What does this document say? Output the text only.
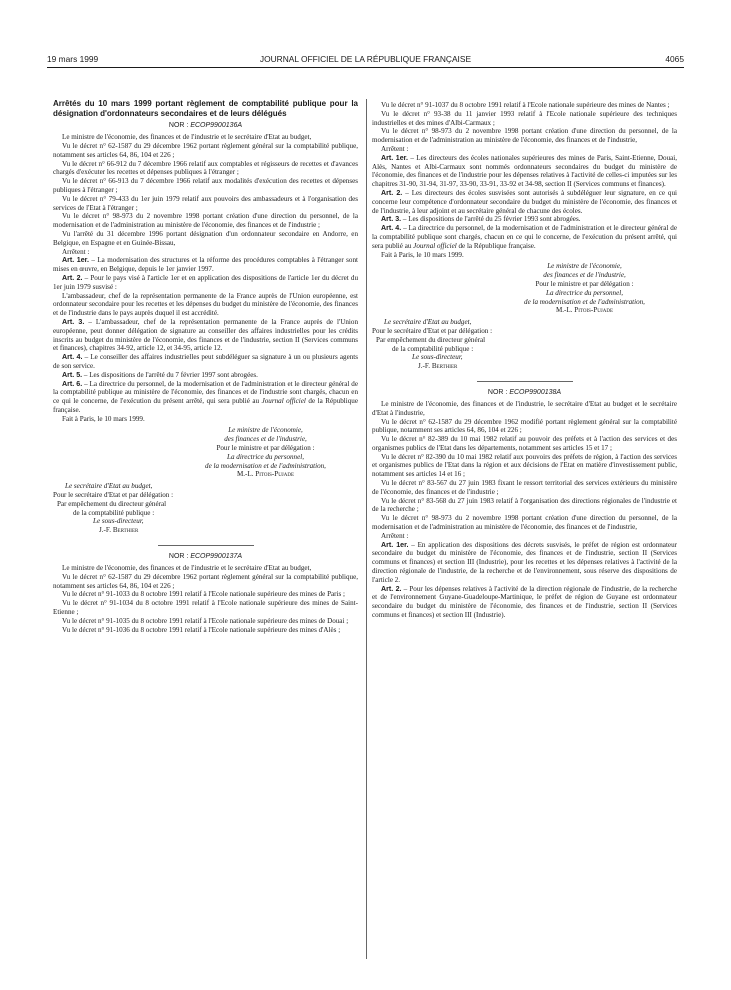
19 mars 1999	JOURNAL OFFICIEL DE LA RÉPUBLIQUE FRANÇAISE	4065
Arrêtés du 10 mars 1999 portant règlement de comptabilité publique pour la désignation d'ordonnateurs secondaires et de leurs délégués
NOR : ECOP9900136A

Le ministre de l'économie, des finances et de l'industrie et le secrétaire d'Etat au budget,

Vu le décret n° 62-1587 du 29 décembre 1962 portant règlement général sur la comptabilité publique, notamment ses articles 64, 86, 104 et 226 ;

Vu le décret n° 66-912 du 7 décembre 1966 relatif aux comptables et régisseurs de recettes et d'avances chargés d'exécuter les recettes et dépenses publiques à l'étranger ;

Vu le décret n° 66-913 du 7 décembre 1966 relatif aux modalités d'exécution des recettes et dépenses publiques à l'étranger ;

Vu le décret n° 79-433 du 1er juin 1979 relatif aux pouvoirs des ambassadeurs et à l'organisation des services de l'Etat à l'étranger ;

Vu le décret n° 98-973 du 2 novembre 1998 portant création d'une direction du personnel, de la modernisation et de l'administration au ministère de l'économie, des finances et de l'industrie ;

Vu l'arrêté du 31 décembre 1996 portant désignation d'un ordonnateur secondaire en Andorre, en Belgique, en Espagne et en Guinée-Bissau,

Arrêtent :

Art. 1er. – La modernisation des structures et la réforme des procédures comptables à l'étranger sont mises en œuvre, en Belgique, depuis le 1er janvier 1997.

Art. 2. – Pour le pays visé à l'article 1er et en application des dispositions de l'article 1er du décret du 1er juin 1979 susvisé :

L'ambassadeur, chef de la représentation permanente de la France auprès de l'Union européenne, est ordonnateur secondaire pour les recettes et les dépenses du budget du ministère de l'économie, des finances et de l'industrie dans le pays auprès duquel il est accrédité.

Art. 3. – L'ambassadeur, chef de la représentation permanente de la France auprès de l'Union européenne, peut donner délégation de signature au conseiller des affaires industrielles pour les crédits inscrits au budget du ministère de l'économie, des finances et de l'industrie, section II (Services communs et finances), chapitres 34-92, article 12, et 34-95, article 12.

Art. 4. – Le conseiller des affaires industrielles peut subdéléguer sa signature à un ou plusieurs agents de son service.

Art. 5. – Les dispositions de l'arrêté du 7 février 1997 sont abrogées.

Art. 6. – La directrice du personnel, de la modernisation et de l'administration et le directeur général de la comptabilité publique au ministère de l'économie, des finances et de l'industrie sont chargés, chacun en ce qui le concerne, de l'exécution du présent arrêté, qui sera publié au Journal officiel de la République française.

Fait à Paris, le 10 mars 1999.

Le ministre de l'économie,
des finances et de l'industrie,
Pour le ministre et par délégation :
La directrice du personnel,
de la modernisation et de l'administration,
M.-L. Pitois-Pujade
Le secrétaire d'Etat au budget,
Pour le secrétaire d'Etat et par délégation :
Par empêchement du directeur général
de la comptabilité publique :
Le sous-directeur,
J.-F. Berthier
NOR : ECOP9900137A

Le ministre de l'économie, des finances et de l'industrie et le secrétaire d'Etat au budget,

Vu le décret n° 62-1587 du 29 décembre 1962 portant règlement général sur la comptabilité publique, notamment ses articles 64, 86, 104 et 226 ;

Vu le décret n° 91-1033 du 8 octobre 1991 relatif à l'Ecole nationale supérieure des mines de Paris ;

Vu le décret n° 91-1034 du 8 octobre 1991 relatif à l'Ecole nationale supérieure des mines de Saint-Etienne ;

Vu le décret n° 91-1035 du 8 octobre 1991 relatif à l'Ecole nationale supérieure des mines de Douai ;

Vu le décret n° 91-1036 du 8 octobre 1991 relatif à l'Ecole nationale supérieure des mines d'Alès ;

Vu le décret n° 91-1037 du 8 octobre 1991 relatif à l'Ecole nationale supérieure des mines de Nantes ;

Vu le décret n° 93-38 du 11 janvier 1993 relatif à l'Ecole nationale supérieure des techniques industrielles et des mines d'Albi-Carmaux ;

Vu le décret n° 98-973 du 2 novembre 1998 portant création d'une direction du personnel, de la modernisation et de l'administration au ministère de l'économie, des finances et de l'industrie,

Arrêtent :

Art. 1er. – Les directeurs des écoles nationales supérieures des mines de Paris, Saint-Etienne, Douai, Alès, Nantes et Albi-Carmaux sont nommés ordonnateurs secondaires du budget du ministère de l'économie, des finances et de l'industrie pour les dépenses relatives à l'activité de celles-ci imputées sur les chapitres 31-90, 31-94, 31-97, 33-90, 33-91, 33-92 et 34-98, section II (Services communs et finances).

Art. 2. – Les directeurs des écoles susvisées sont autorisés à subdéléguer leur signature, en ce qui concerne leur compétence d'ordonnateur secondaire du budget du ministère de l'économie, des finances et de l'industrie, à leur adjoint et au secrétaire général de chacune des écoles.

Art. 3. – Les dispositions de l'arrêté du 25 février 1993 sont abrogées.

Art. 4. – La directrice du personnel, de la modernisation et de l'administration et le directeur général de la comptabilité publique sont chargés, chacun en ce qui le concerne, de l'exécution du présent arrêté, qui sera publié au Journal officiel de la République française.

Fait à Paris, le 10 mars 1999.

Le ministre de l'économie,
des finances et de l'industrie,
Pour le ministre et par délégation :
La directrice du personnel,
de la modernisation et de l'administration,
M.-L. Pitois-Pujade
Le secrétaire d'Etat au budget,
Pour le secrétaire d'Etat et par délégation :
Par empêchement du directeur général
de la comptabilité publique :
Le sous-directeur,
J.-F. Berthier
NOR : ECOP9900138A

Le ministre de l'économie, des finances et de l'industrie, le secrétaire d'Etat au budget et le secrétaire d'Etat à l'industrie,

Vu le décret n° 62-1587 du 29 décembre 1962 modifié portant règlement général sur la comptabilité publique, notamment ses articles 64, 86, 104 et 226 ;

Vu le décret n° 82-389 du 10 mai 1982 relatif au pouvoir des préfets et à l'action des services et des organismes publics de l'Etat dans les départements, notamment ses articles 15 et 17 ;

Vu le décret n° 82-390 du 10 mai 1982 relatif aux pouvoirs des préfets de région, à l'action des services et organismes publics de l'Etat dans la région et aux décisions de l'Etat en matière d'investissement public, notamment ses articles 14 et 16 ;

Vu le décret n° 83-567 du 27 juin 1983 fixant le ressort territorial des services extérieurs du ministère de l'économie, des finances et de l'industrie ;

Vu le décret n° 83-568 du 27 juin 1983 relatif à l'organisation des directions régionales de l'industrie et de la recherche ;

Vu le décret n° 98-973 du 2 novembre 1998 portant création d'une direction du personnel, de la modernisation et de l'administration au ministère de l'économie, des finances et de l'industrie,

Arrêtent :

Art. 1er. – En application des dispositions des décrets susvisés, le préfet de région est ordonnateur secondaire du budget du ministère de l'économie, des finances et de l'industrie, section II (Services communs et finances) et section III (Industrie), pour les recettes et les dépenses relatives à l'activité de la direction régionale de l'industrie, de la recherche et de l'environnement, sous réserve des dispositions de l'article 2.

Art. 2. – Pour les dépenses relatives à l'activité de la direction régionale de l'industrie, de la recherche et de l'environnement Guyane-Guadeloupe-Martinique, le préfet de région de Guyane est ordonnateur secondaire du budget du ministère de l'économie, des finances et de l'industrie, section II (Services communs et finances) et section III (Industrie).
